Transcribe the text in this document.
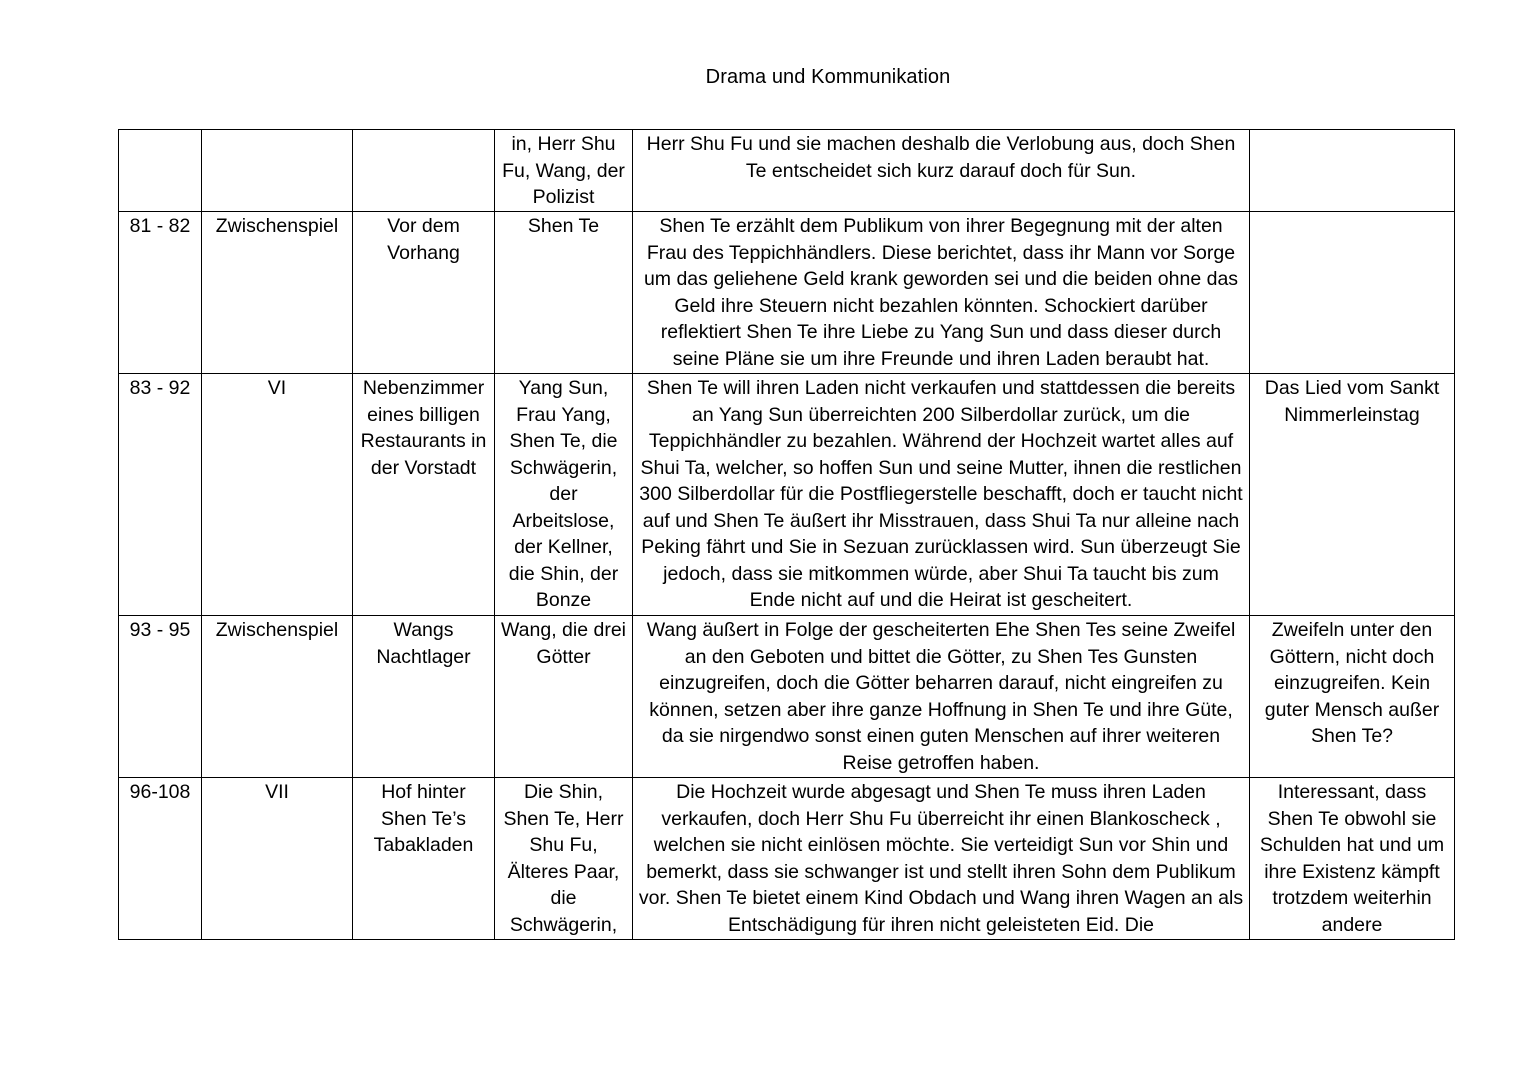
Drama und Kommunikation
			in, Herr Shu Fu, Wang, der Polizist	Herr Shu Fu und sie machen deshalb die Verlobung aus, doch Shen Te entscheidet sich kurz darauf doch für Sun.	
81 - 82	Zwischenspiel	Vor dem Vorhang	Shen Te	Shen Te erzählt dem Publikum von ihrer Begegnung mit der alten Frau des Teppichhändlers. Diese berichtet, dass ihr Mann vor Sorge um das geliehene Geld krank geworden sei und die beiden ohne das Geld ihre Steuern nicht bezahlen könnten. Schockiert darüber reflektiert Shen Te ihre Liebe zu Yang Sun und dass dieser durch seine Pläne sie um ihre Freunde und ihren Laden beraubt hat.	
83 - 92	VI	Nebenzimmer eines billigen Restaurants in der Vorstadt	Yang Sun, Frau Yang, Shen Te, die Schwägerin, der Arbeitslose, der Kellner, die Shin, der Bonze	Shen Te will ihren Laden nicht verkaufen und stattdessen die bereits an Yang Sun überreichten 200 Silberdollar zurück, um die Teppichhändler zu bezahlen. Während der Hochzeit wartet alles auf Shui Ta, welcher, so hoffen Sun und seine Mutter, ihnen die restlichen 300 Silberdollar für die Postfliegerstelle beschafft, doch er taucht nicht auf und Shen Te äußert ihr Misstrauen, dass Shui Ta nur alleine nach Peking fährt und Sie in Sezuan zurücklassen wird. Sun überzeugt Sie jedoch, dass sie mitkommen würde, aber Shui Ta taucht bis zum Ende nicht auf und die Heirat ist gescheitert.	Das Lied vom Sankt Nimmerleinstag
93 - 95	Zwischenspiel	Wangs Nachtlager	Wang, die drei Götter	Wang äußert in Folge der gescheiterten Ehe Shen Tes seine Zweifel an den Geboten und bittet die Götter, zu Shen Tes Gunsten einzugreifen, doch die Götter beharren darauf, nicht eingreifen zu können, setzen aber ihre ganze Hoffnung in Shen Te und ihre Güte, da sie nirgendwo sonst einen guten Menschen auf ihrer weiteren Reise getroffen haben.	Zweifeln unter den Göttern, nicht doch einzugreifen. Kein guter Mensch außer Shen Te?
96-108	VII	Hof hinter Shen Te’s Tabakladen	Die Shin, Shen Te, Herr Shu Fu, Älteres Paar, die Schwägerin,	Die Hochzeit wurde abgesagt und Shen Te muss ihren Laden verkaufen, doch Herr Shu Fu überreicht ihr einen Blankoscheck , welchen sie nicht einlösen möchte. Sie verteidigt Sun vor Shin und bemerkt, dass sie schwanger ist und stellt ihren Sohn dem Publikum vor. Shen Te bietet einem Kind Obdach und Wang ihren Wagen an als Entschädigung für ihren nicht geleisteten Eid. Die	Interessant, dass Shen Te obwohl sie Schulden hat und um ihre Existenz kämpft trotzdem weiterhin andere
